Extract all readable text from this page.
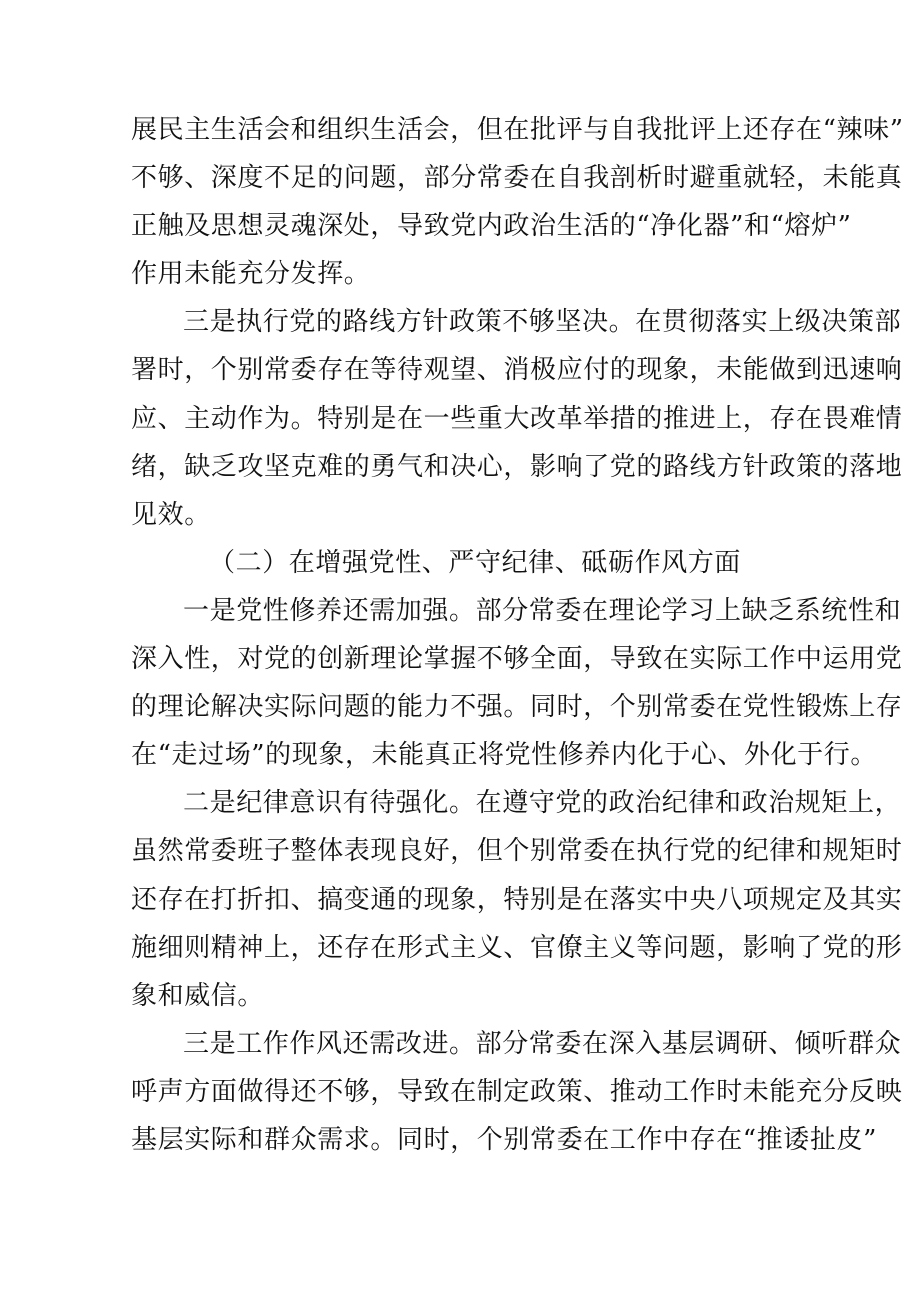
展民主生活会和组织生活会，但在批评与自我批评上还存在“辣味”
不够、深度不足的问题，部分常委在自我剖析时避重就轻，未能真
正触及思想灵魂深处，导致党内政治生活的“净化器”和“熔炉”
作用未能充分发挥。
三是执行党的路线方针政策不够坚决。在贯彻落实上级决策部
署时，个别常委存在等待观望、消极应付的现象，未能做到迅速响
应、主动作为。特别是在一些重大改革举措的推进上，存在畏难情
绪，缺乏攻坚克难的勇气和决心，影响了党的路线方针政策的落地
见效。
（二）在增强党性、严守纪律、砥砺作风方面
一是党性修养还需加强。部分常委在理论学习上缺乏系统性和
深入性，对党的创新理论掌握不够全面，导致在实际工作中运用党
的理论解决实际问题的能力不强。同时，个别常委在党性锻炼上存
在“走过场”的现象，未能真正将党性修养内化于心、外化于行。
二是纪律意识有待强化。在遵守党的政治纪律和政治规矩上，
虽然常委班子整体表现良好，但个别常委在执行党的纪律和规矩时
还存在打折扣、搞变通的现象，特别是在落实中央八项规定及其实
施细则精神上，还存在形式主义、官僚主义等问题，影响了党的形
象和威信。
三是工作作风还需改进。部分常委在深入基层调研、倾听群众
呼声方面做得还不够，导致在制定政策、推动工作时未能充分反映
基层实际和群众需求。同时，个别常委在工作中存在“推诿扯皮”
